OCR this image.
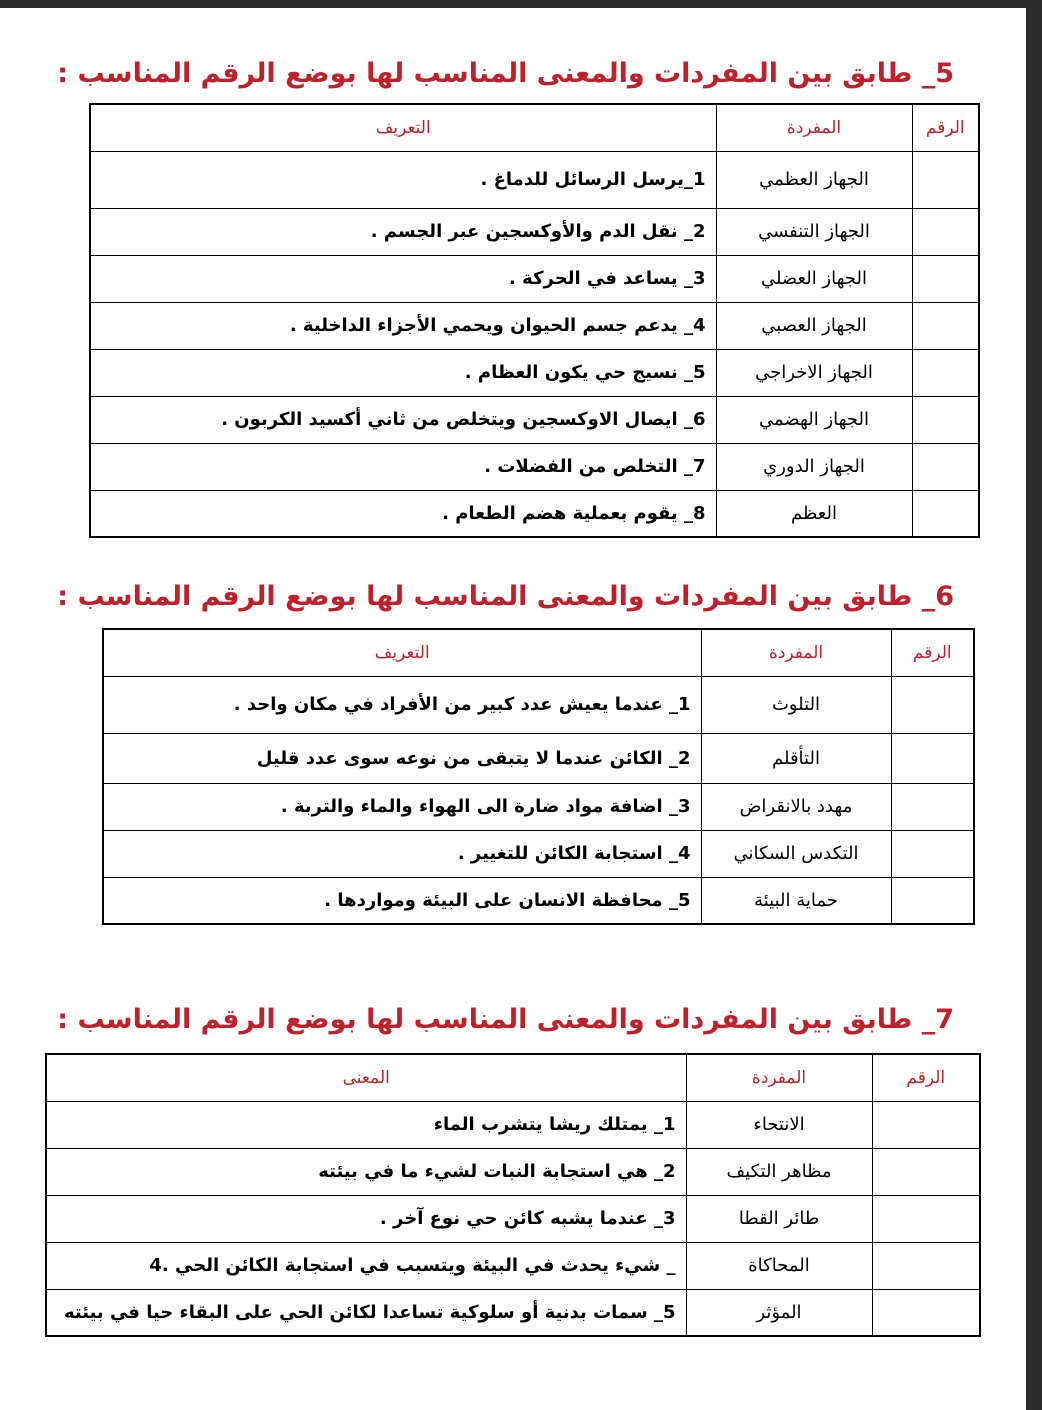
5_ طابق بين المفردات والمعنى المناسب لها بوضع الرقم المناسب :
الرقم	المفردة	التعريف
	الجهاز العظمي	1_يرسل الرسائل للدماغ .
	الجهاز التنفسي	2_ نقل الدم والأوكسجين عبر الجسم .
	الجهاز العضلي	3_ يساعد في الحركة .
	الجهاز العصبي	4_ يدعم جسم الحيوان ويحمي الأجزاء الداخلية .
	الجهاز الاخراجي	5_ نسيج حي يكون العظام .
	الجهاز الهضمي	6_ ايصال الاوكسجين ويتخلص من ثاني أكسيد الكربون .
	الجهاز الدوري	7_ التخلص من الفضلات .
	العظم	8_ يقوم بعملية هضم الطعام .
6_ طابق بين المفردات والمعنى المناسب لها بوضع الرقم المناسب :
الرقم	المفردة	التعريف
	التلوث	1_ عندما يعيش عدد كبير من الأفراد في مكان واحد .
	التأقلم	2_ الكائن عندما لا يتبقى من نوعه سوى عدد قليل
	مهدد بالانقراض	3_ اضافة مواد ضارة الى الهواء والماء والتربة .
	التكدس السكاني	4_ استجابة الكائن للتغيير .
	حماية البيئة	5_ محافظة الانسان على البيئة ومواردها .
7_ طابق بين المفردات والمعنى المناسب لها بوضع الرقم المناسب :
الرقم	المفردة	المعنى
	الانتحاء	1_ يمتلك ريشا يتشرب الماء
	مظاهر التكيف	2_ هي استجابة النبات لشيء ما في بيئته
	طائر القطا	3_ عندما يشبه كائن حي نوع آخر .
	المحاكاة	_ شيء يحدث في البيئة ويتسبب في استجابة الكائن الحي .4
	المؤثر	5_ سمات بدنية أو سلوكية تساعدا لكائن الحي على البقاء حيا في بيئته
